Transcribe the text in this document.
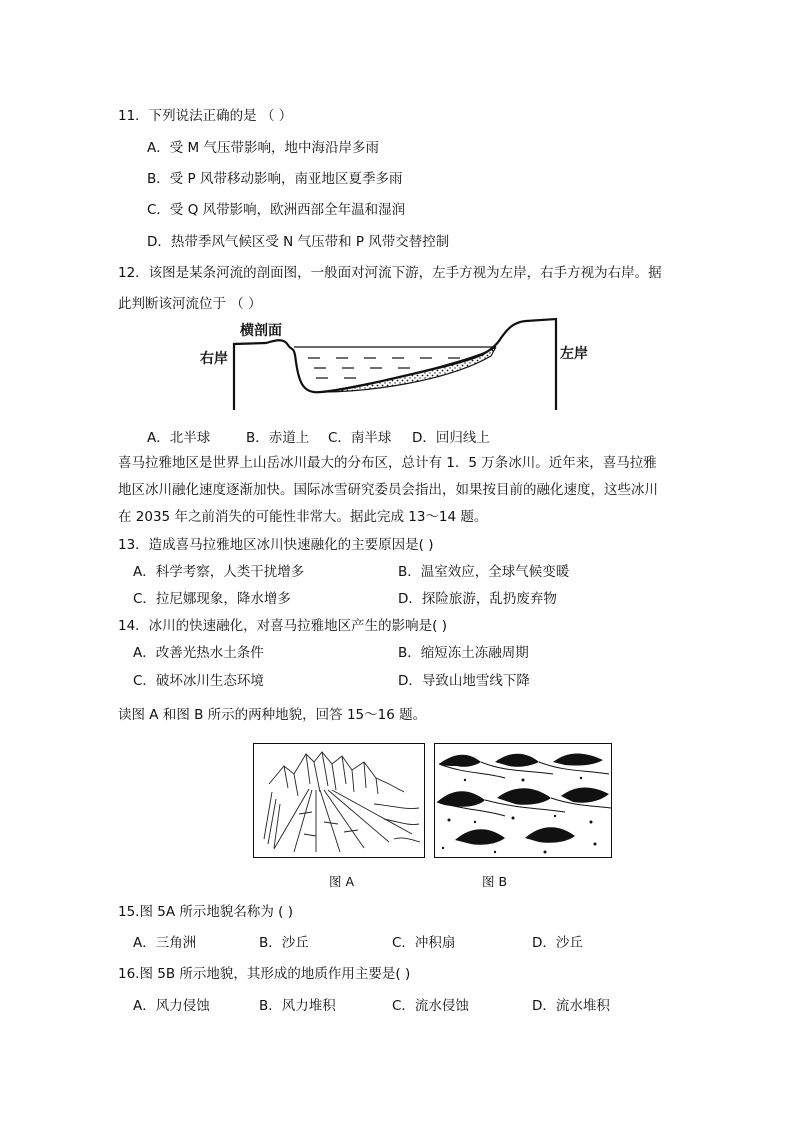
11．下列说法正确的是 （ ）
A．受 M 气压带影响，地中海沿岸多雨
B．受 P 风带移动影响，南亚地区夏季多雨
C．受 Q 风带影响，欧洲西部全年温和湿润
D．热带季风气候区受 N 气压带和 P 风带交替控制
12．该图是某条河流的剖面图，一般面对河流下游，左手方视为左岸，右手方视为右岸。据
此判断该河流位于 （ ）
横剖面
右岸	左岸
A．北半球	B．赤道上 C．南半球 D．回归线上
喜马拉雅地区是世界上山岳冰川最大的分布区，总计有 1．5 万条冰川。近年来，喜马拉雅
地区冰川融化速度逐渐加快。国际冰雪研究委员会指出，如果按目前的融化速度，这些冰川
在 2035 年之前消失的可能性非常大。据此完成 13～14 题。
13．造成喜马拉雅地区冰川快速融化的主要原因是( )
A．科学考察，人类干扰增多	B．温室效应，全球气候变暖
C．拉尼娜现象，降水增多	D．探险旅游，乱扔废弃物
14．冰川的快速融化，对喜马拉雅地区产生的影响是( )
A．改善光热水土条件	B．缩短冻土冻融周期
C．破坏冰川生态环境	D．导致山地雪线下降
读图 A 和图 B 所示的两种地貌，回答 15～16 题。
图 A	图 B
15.图 5A 所示地貌名称为 ( )
A．三角洲	B．沙丘	C．冲积扇	D．沙丘
16.图 5B 所示地貌，其形成的地质作用主要是( )
A．风力侵蚀	B．风力堆积	C．流水侵蚀	D．流水堆积
